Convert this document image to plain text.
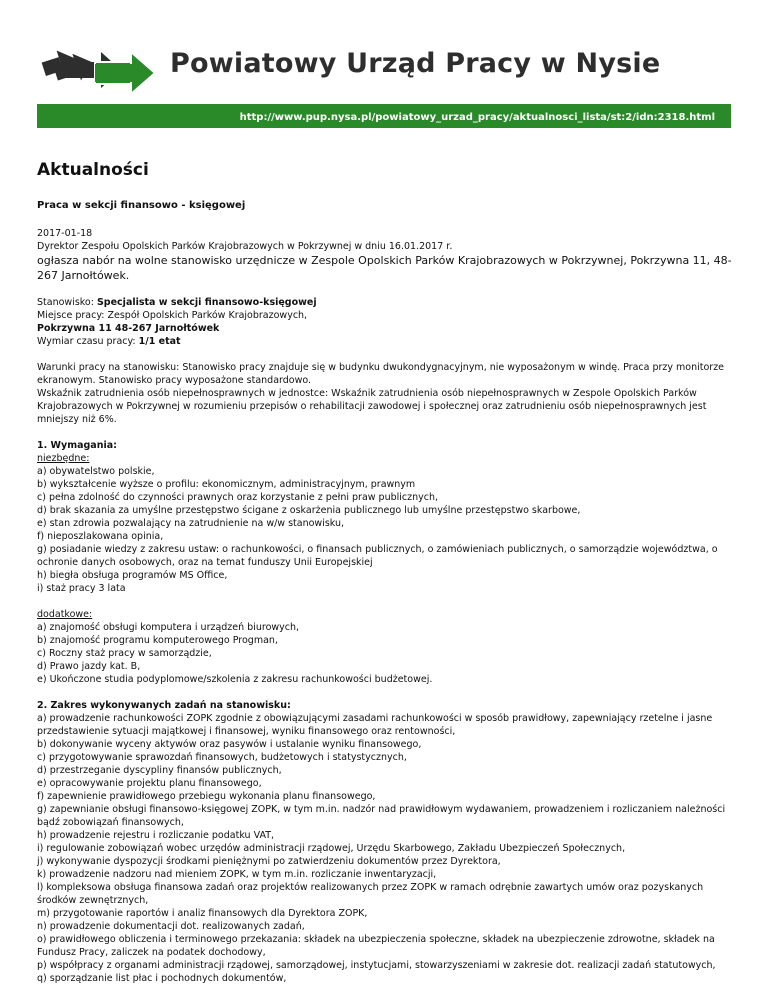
Powiatowy Urząd Pracy w Nysie
http://www.pup.nysa.pl/powiatowy_urzad_pracy/aktualnosci_lista/st:2/idn:2318.html
Aktualności
Praca w sekcji finansowo - księgowej

2017-01-18

Dyrektor Zespołu Opolskich Parków Krajobrazowych w Pokrzywnej w dniu 16.01.2017 r.

ogłasza nabór na wolne stanowisko urzędnicze w Zespole Opolskich Parków Krajobrazowych w Pokrzywnej, Pokrzywna 11, 48-267 Jarnołtówek.

Stanowisko: Specjalista w sekcji finansowo-księgowej

Miejsce pracy: Zespół Opolskich Parków Krajobrazowych,

Pokrzywna 11 48-267 Jarnołtówek

Wymiar czasu pracy: 1/1 etat

Warunki pracy na stanowisku: Stanowisko pracy znajduje się w budynku dwukondygnacyjnym, nie wyposażonym w windę. Praca przy monitorze ekranowym. Stanowisko pracy wyposażone standardowo.

Wskaźnik zatrudnienia osób niepełnosprawnych w jednostce: Wskaźnik zatrudnienia osób niepełnosprawnych w Zespole Opolskich Parków Krajobrazowych w Pokrzywnej w rozumieniu przepisów o rehabilitacji zawodowej i społecznej oraz zatrudnieniu osób niepełnosprawnych jest mniejszy niż 6%.

1. Wymagania:
niezbędne:
a) obywatelstwo polskie,
b) wykształcenie wyższe o profilu: ekonomicznym, administracyjnym, prawnym
c) pełna zdolność do czynności prawnych oraz korzystanie z pełni praw publicznych,
d) brak skazania za umyślne przestępstwo ścigane z oskarżenia publicznego lub umyślne przestępstwo skarbowe,
e) stan zdrowia pozwalający na zatrudnienie na w/w stanowisku,
f) nieposzlakowana opinia,
g) posiadanie wiedzy z zakresu ustaw: o rachunkowości, o finansach publicznych, o zamówieniach publicznych, o samorządzie województwa, o ochronie danych osobowych, oraz na temat funduszy Unii Europejskiej
h) biegła obsługa programów MS Office,
i) staż pracy 3 lata
dodatkowe:
a) znajomość obsługi komputera i urządzeń biurowych,
b) znajomość programu komputerowego Progman,
c) Roczny staż pracy w samorządzie,
d) Prawo jazdy kat. B,
e) Ukończone studia podyplomowe/szkolenia z zakresu rachunkowości budżetowej.
2. Zakres wykonywanych zadań na stanowisku:
a) prowadzenie rachunkowości ZOPK zgodnie z obowiązującymi zasadami rachunkowości w sposób prawidłowy, zapewniający rzetelne i jasne przedstawienie sytuacji majątkowej i finansowej, wyniku finansowego oraz rentowności,
b) dokonywanie wyceny aktywów oraz pasywów i ustalanie wyniku finansowego,
c) przygotowywanie sprawozdań finansowych, budżetowych i statystycznych,
d) przestrzeganie dyscypliny finansów publicznych,
e) opracowywanie projektu planu finansowego,
f) zapewnienie prawidłowego przebiegu wykonania planu finansowego,
g) zapewnianie obsługi finansowo-księgowej ZOPK, w tym m.in. nadzór nad prawidłowym wydawaniem, prowadzeniem i rozliczaniem należności bądź zobowiązań finansowych,
h) prowadzenie rejestru i rozliczanie podatku VAT,
i) regulowanie zobowiązań wobec urzędów administracji rządowej, Urzędu Skarbowego, Zakładu Ubezpieczeń Społecznych,
j) wykonywanie dyspozycji środkami pieniężnymi po zatwierdzeniu dokumentów przez Dyrektora,
k) prowadzenie nadzoru nad mieniem ZOPK, w tym m.in. rozliczanie inwentaryzacji,
l) kompleksowa obsługa finansowa zadań oraz projektów realizowanych przez ZOPK w ramach odrębnie zawartych umów oraz pozyskanych środków zewnętrznych,
m) przygotowanie raportów i analiz finansowych dla Dyrektora ZOPK,
n) prowadzenie dokumentacji dot. realizowanych zadań,
o) prawidłowego obliczenia i terminowego przekazania: składek na ubezpieczenia społeczne, składek na ubezpieczenie zdrowotne, składek na Fundusz Pracy, zaliczek na podatek dochodowy,
p) współpracy z organami administracji rządowej, samorządowej, instytucjami, stowarzyszeniami w zakresie dot. realizacji zadań statutowych,
q) sporządzanie list płac i pochodnych dokumentów,
